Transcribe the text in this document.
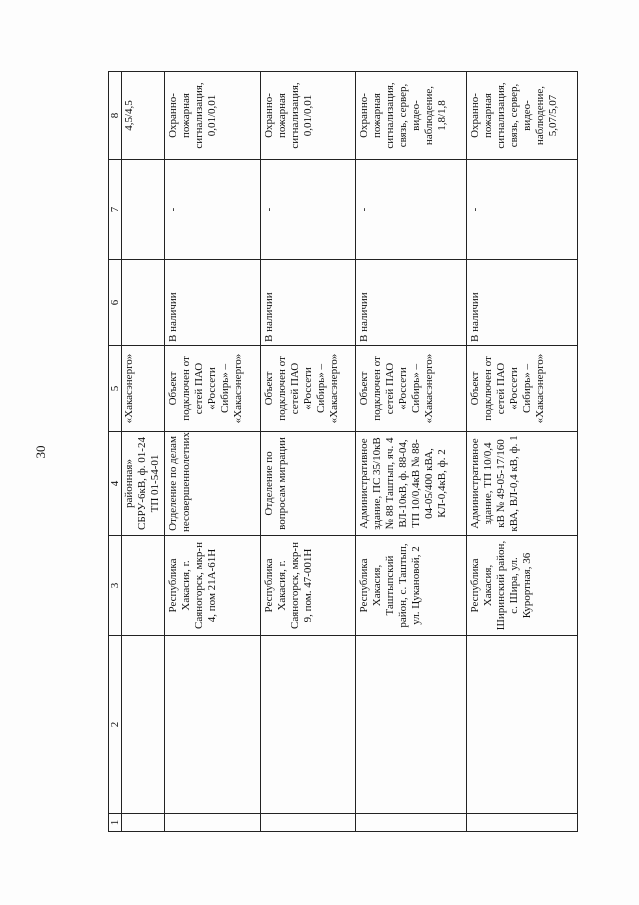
30
1	2	3	4	5	6	7	8
			районная» СБРУ-6кВ, ф. 01-24 ТП 01-54-01	«Хакасэнерго»			4,5/4,5
		Республика Хакасия, г. Саяногорск, мкр-н 4, пом 21А-61Н	Отделение по делам несовершеннолетних	Объект подключен от сетей ПАО «Россети Сибирь» – «Хакасэнерго»	В наличии	-	Охранно-пожарная сигнализация, 0,01/0,01
		Республика Хакасия, г. Саяногорск, мкр-н 9, пом. 47-001Н	Отделение по вопросам миграции	Объект подключен от сетей ПАО «Россети Сибирь» – «Хакасэнерго»	В наличии	-	Охранно-пожарная сигнализация, 0,01/0,01
		Республика Хакасия, Таштыпский район, с. Таштып, ул. Цукановой, 2	Административное здание, ПС 35/10кВ № 88 Таштып, яч. 4 ВЛ-10кВ, ф. 88-04, ТП 10/0,4кВ № 88-04-05/400 кВА, КЛ-0,4кВ, ф. 2	Объект подключен от сетей ПАО «Россети Сибирь» – «Хакасэнерго»	В наличии	-	Охранно-пожарная сигнализация, связь, сервер, видео-наблюдение, 1,8/1,8
		Республика Хакасия, Ширинский район, с. Шира, ул. Курортная, 36	Административное здание, ТП 10/0,4 кВ № 49-05-17/160 кВА, ВЛ-0,4 кВ, ф. 1	Объект подключен от сетей ПАО «Россети Сибирь» – «Хакасэнерго»	В наличии	-	Охранно-пожарная сигнализация, связь, сервер, видео-наблюдение, 5,07/5,07
